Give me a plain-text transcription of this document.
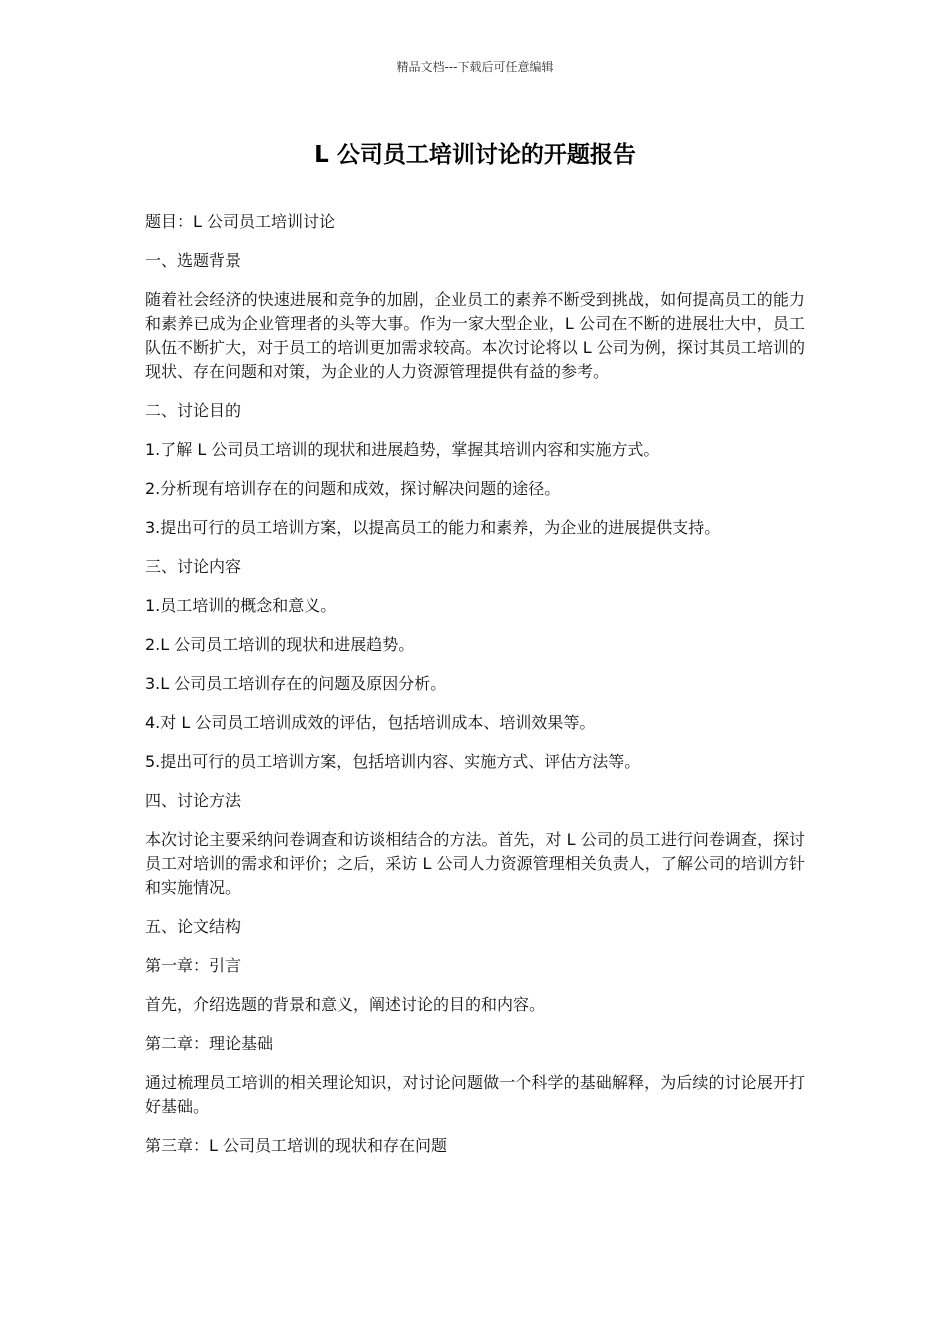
精品文档---下载后可任意编辑
L 公司员工培训讨论的开题报告

题目：L 公司员工培训讨论

一、选题背景

随着社会经济的快速进展和竞争的加剧，企业员工的素养不断受到挑战，如何提高员工的能力和素养已成为企业管理者的头等大事。作为一家大型企业，L 公司在不断的进展壮大中，员工队伍不断扩大，对于员工的培训更加需求较高。本次讨论将以 L 公司为例，探讨其员工培训的现状、存在问题和对策，为企业的人力资源管理提供有益的参考。

二、讨论目的

1.了解 L 公司员工培训的现状和进展趋势，掌握其培训内容和实施方式。

2.分析现有培训存在的问题和成效，探讨解决问题的途径。

3.提出可行的员工培训方案，以提高员工的能力和素养，为企业的进展提供支持。

三、讨论内容

1.员工培训的概念和意义。

2.L 公司员工培训的现状和进展趋势。

3.L 公司员工培训存在的问题及原因分析。

4.对 L 公司员工培训成效的评估，包括培训成本、培训效果等。

5.提出可行的员工培训方案，包括培训内容、实施方式、评估方法等。

四、讨论方法

本次讨论主要采纳问卷调查和访谈相结合的方法。首先，对 L 公司的员工进行问卷调查，探讨员工对培训的需求和评价；之后，采访 L 公司人力资源管理相关负责人，了解公司的培训方针和实施情况。

五、论文结构

第一章：引言

首先，介绍选题的背景和意义，阐述讨论的目的和内容。

第二章：理论基础

通过梳理员工培训的相关理论知识，对讨论问题做一个科学的基础解释，为后续的讨论展开打好基础。

第三章：L 公司员工培训的现状和存在问题
